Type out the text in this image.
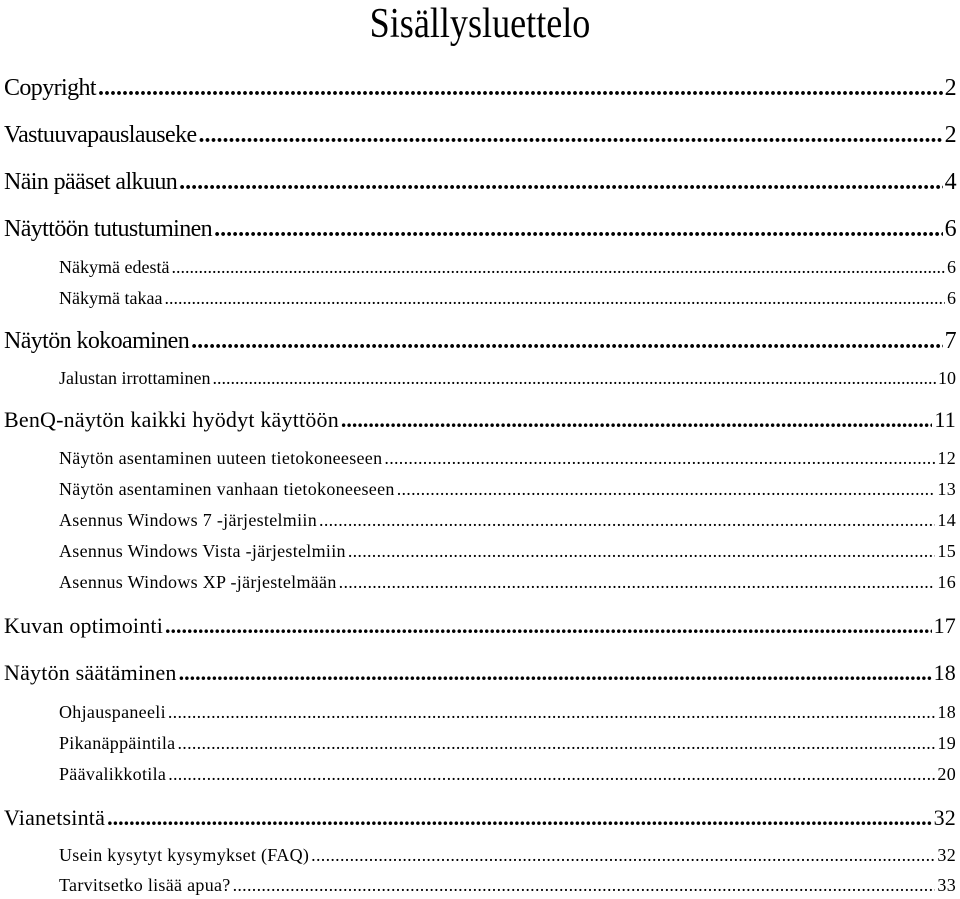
Sisällysluettelo
Copyright .....	2
Vastuuvapauslauseke .....	2
Näin pääset alkuun .....	4
Näyttöön tutustuminen .....	6
Näkymä edestä .....	6
Näkymä takaa .....	6
Näytön kokoaminen .....	7
Jalustan irrottaminen .....	10
BenQ-näytön kaikki hyödyt käyttöön .....	11
Näytön asentaminen uuteen tietokoneeseen .....	12
Näytön asentaminen vanhaan tietokoneeseen .....	13
Asennus Windows 7 -järjestelmiin .....	14
Asennus Windows Vista -järjestelmiin .....	15
Asennus Windows XP -järjestelmään .....	16
Kuvan optimointi .....	17
Näytön säätäminen .....	18
Ohjauspaneeli .....	18
Pikanäppäintila .....	19
Päävalikkotila .....	20
Vianetsintä .....	32
Usein kysytyt kysymykset (FAQ) .....	32
Tarvitsetko lisää apua? .....	33
